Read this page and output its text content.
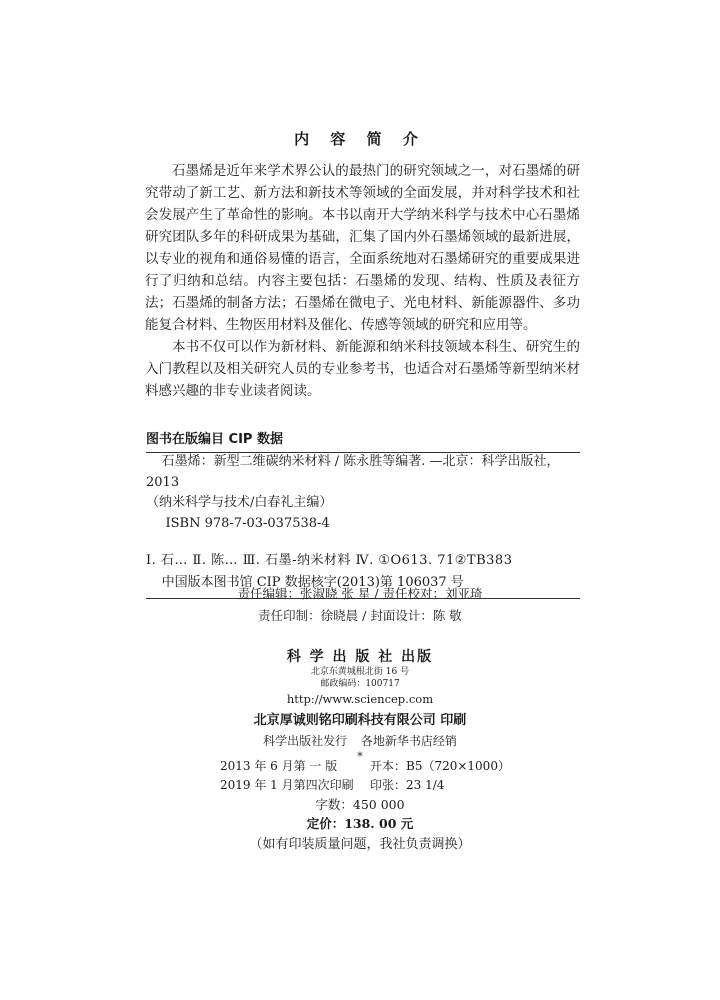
内 容 简 介

石墨烯是近年来学术界公认的最热门的研究领域之一，对石墨烯的研究带动了新工艺、新方法和新技术等领域的全面发展，并对科学技术和社会发展产生了革命性的影响。本书以南开大学纳米科学与技术中心石墨烯研究团队多年的科研成果为基础，汇集了国内外石墨烯领域的最新进展，以专业的视角和通俗易懂的语言，全面系统地对石墨烯研究的重要成果进行了归纳和总结。内容主要包括：石墨烯的发现、结构、性质及表征方法；石墨烯的制备方法；石墨烯在微电子、光电材料、新能源器件、多功能复合材料、生物医用材料及催化、传感等领域的研究和应用等。

本书不仅可以作为新材料、新能源和纳米科技领域本科生、研究生的入门教程以及相关研究人员的专业参考书，也适合对石墨烯等新型纳米材料感兴趣的非专业读者阅读。

图书在版编目 CIP 数据
石墨烯：新型二维碳纳米材料 / 陈永胜等编著. —北京：科学出版社，2013
（纳米科学与技术/白春礼主编）
ISBN 978-7-03-037538-4
Ⅰ. 石… Ⅱ. 陈… Ⅲ. 石墨-纳米材料 Ⅳ. ①O613. 71②TB383
中国版本图书馆 CIP 数据核字(2013)第 106037 号
责任编辑：张淑晓 张 星 / 责任校对：刘亚琦
责任印制：徐晓晨 / 封面设计：陈 敬
科 学 出 版 社 出版
北京东黄城根北街 16 号
邮政编码：100717
http://www.sciencep.com
北京厚诚则铭印刷科技有限公司 印刷
科学出版社发行 各地新华书店经销
*
2013 年 6 月第 一 版	开本：B5（720×1000）
2019 年 1 月第四次印刷	印张：23 1/4
字数：450 000
定价：138. 00 元
（如有印装质量问题，我社负责调换）
